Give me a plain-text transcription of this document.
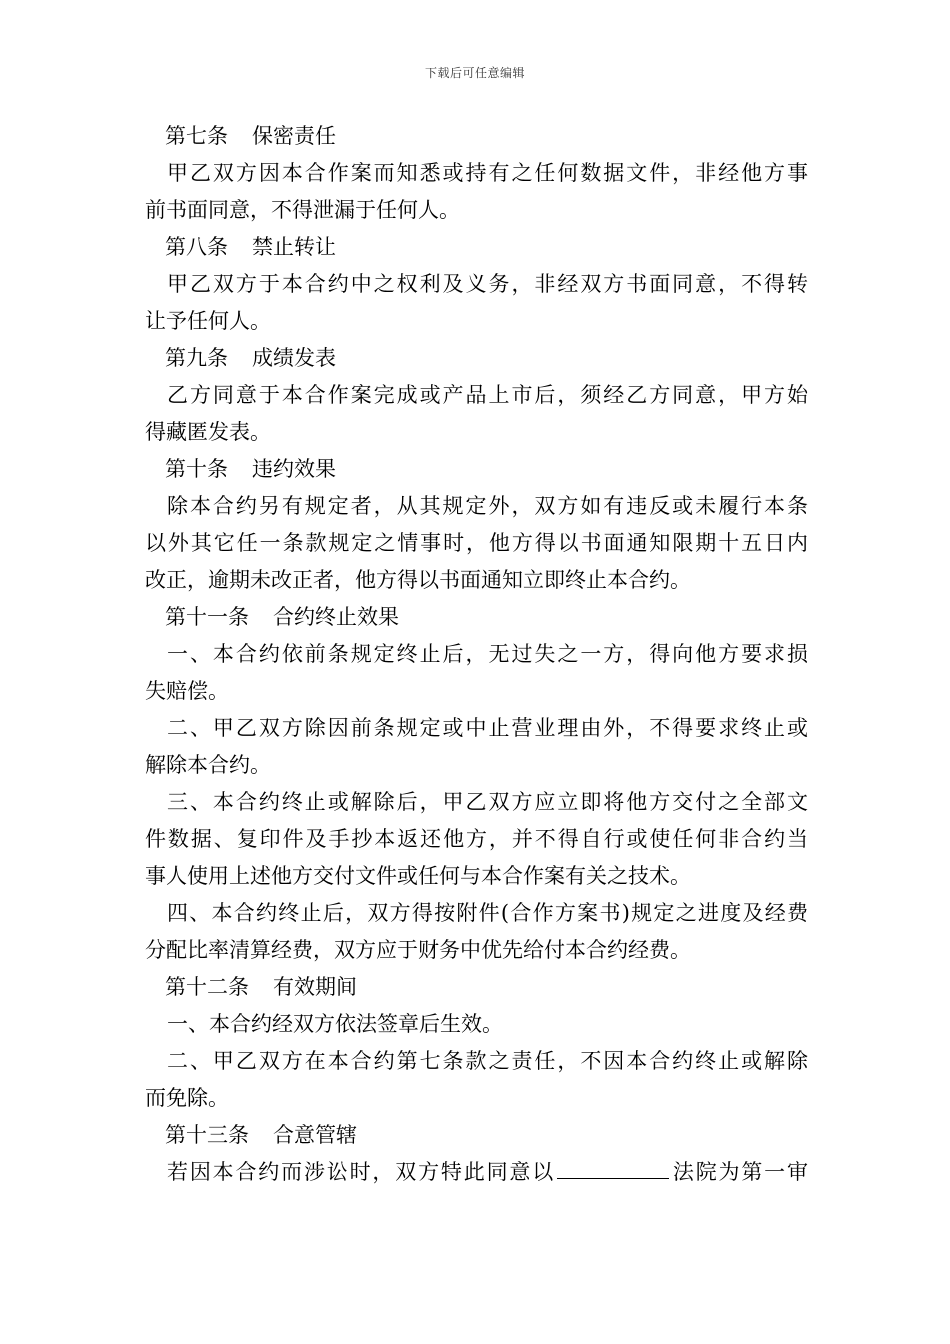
下载后可任意编辑
第七条 保密责任
甲乙双方因本合作案而知悉或持有之任何数据文件，非经他方事
前书面同意，不得泄漏于任何人。
第八条 禁止转让
甲乙双方于本合约中之权利及义务，非经双方书面同意，不得转
让予任何人。
第九条 成绩发表
乙方同意于本合作案完成或产品上市后，须经乙方同意，甲方始
得藏匿发表。
第十条 违约效果
除本合约另有规定者，从其规定外，双方如有违反或未履行本条
以外其它任一条款规定之情事时，他方得以书面通知限期十五日内
改正，逾期未改正者，他方得以书面通知立即终止本合约。
第十一条 合约终止效果
一、本合约依前条规定终止后，无过失之一方，得向他方要求损
失赔偿。
二、甲乙双方除因前条规定或中止营业理由外，不得要求终止或
解除本合约。
三、本合约终止或解除后，甲乙双方应立即将他方交付之全部文
件数据、复印件及手抄本返还他方，并不得自行或使任何非合约当
事人使用上述他方交付文件或任何与本合作案有关之技术。
四、本合约终止后，双方得按附件(合作方案书)规定之进度及经费
分配比率清算经费，双方应于财务中优先给付本合约经费。
第十二条 有效期间
一、本合约经双方依法签章后生效。
二、甲乙双方在本合约第七条款之责任，不因本合约终止或解除
而免除。
第十三条 合意管辖
若因本合约而涉讼时，双方特此同意以	法院为第一审
